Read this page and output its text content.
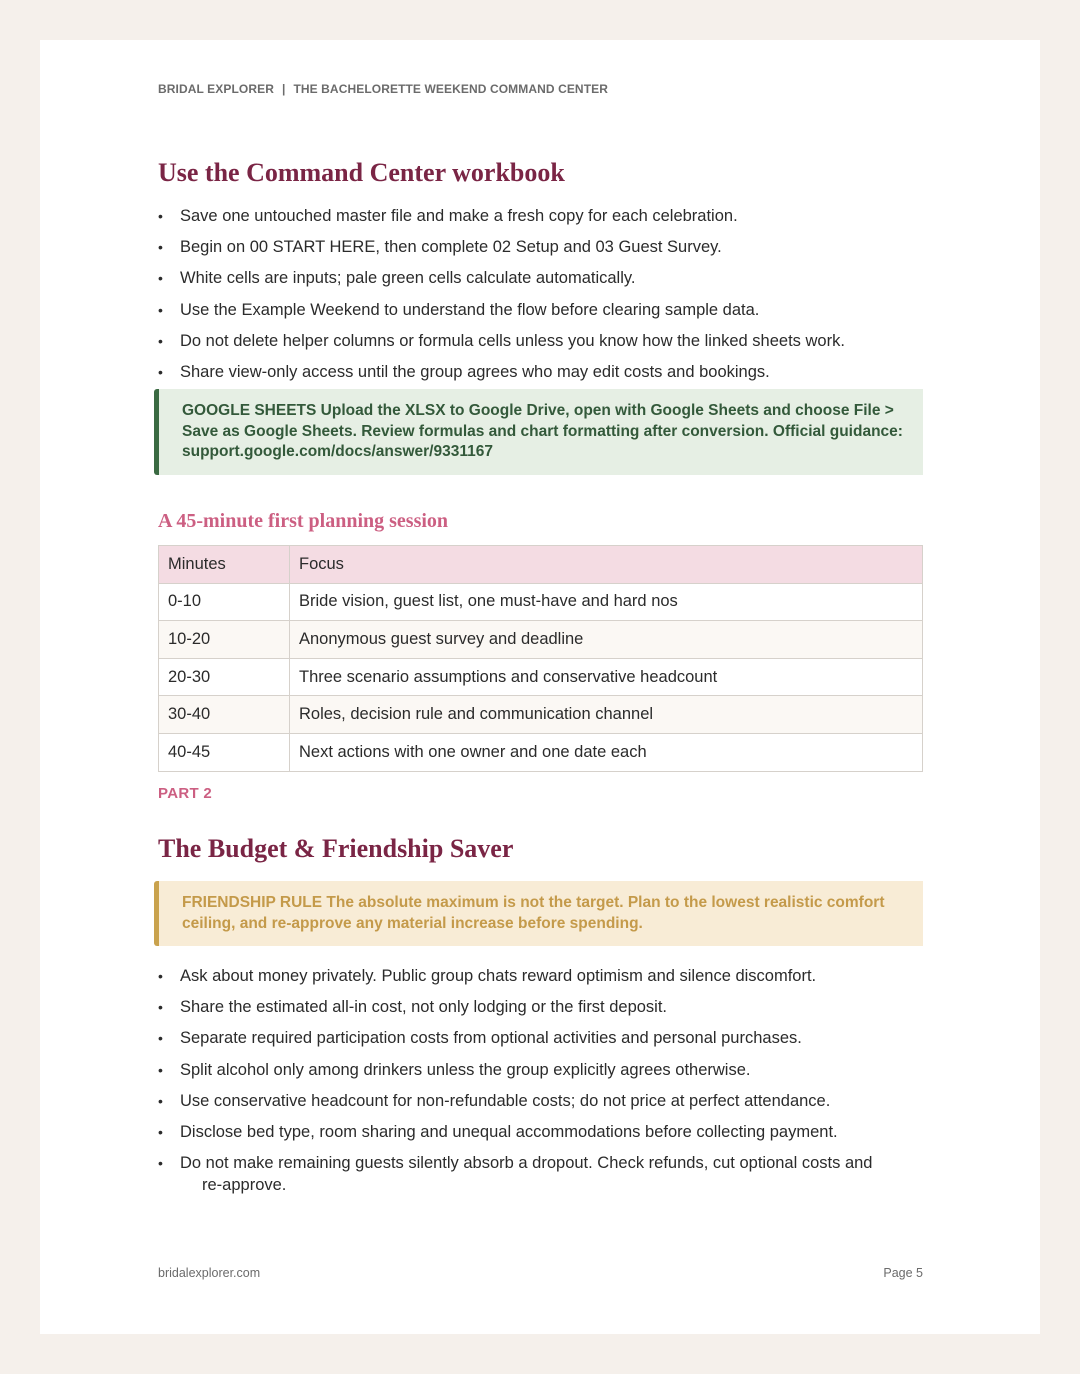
BRIDAL EXPLORER | THE BACHELORETTE WEEKEND COMMAND CENTER
Use the Command Center workbook
• Save one untouched master file and make a fresh copy for each celebration.
• Begin on 00 START HERE, then complete 02 Setup and 03 Guest Survey.
• White cells are inputs; pale green cells calculate automatically.
• Use the Example Weekend to understand the flow before clearing sample data.
• Do not delete helper columns or formula cells unless you know how the linked sheets work.
• Share view-only access until the group agrees who may edit costs and bookings.
GOOGLE SHEETS Upload the XLSX to Google Drive, open with Google Sheets and choose File > Save as Google Sheets. Review formulas and chart formatting after conversion. Official guidance: support.google.com/docs/answer/9331167
A 45-minute first planning session
Minutes	Focus
0-10	Bride vision, guest list, one must-have and hard nos
10-20	Anonymous guest survey and deadline
20-30	Three scenario assumptions and conservative headcount
30-40	Roles, decision rule and communication channel
40-45	Next actions with one owner and one date each
PART 2
The Budget & Friendship Saver
FRIENDSHIP RULE The absolute maximum is not the target. Plan to the lowest realistic comfort ceiling, and re-approve any material increase before spending.
• Ask about money privately. Public group chats reward optimism and silence discomfort.
• Share the estimated all-in cost, not only lodging or the first deposit.
• Separate required participation costs from optional activities and personal purchases.
• Split alcohol only among drinkers unless the group explicitly agrees otherwise.
• Use conservative headcount for non-refundable costs; do not price at perfect attendance.
• Disclose bed type, room sharing and unequal accommodations before collecting payment.
• Do not make remaining guests silently absorb a dropout. Check refunds, cut optional costs and
re-approve.
bridalexplorer.com	Page 5
